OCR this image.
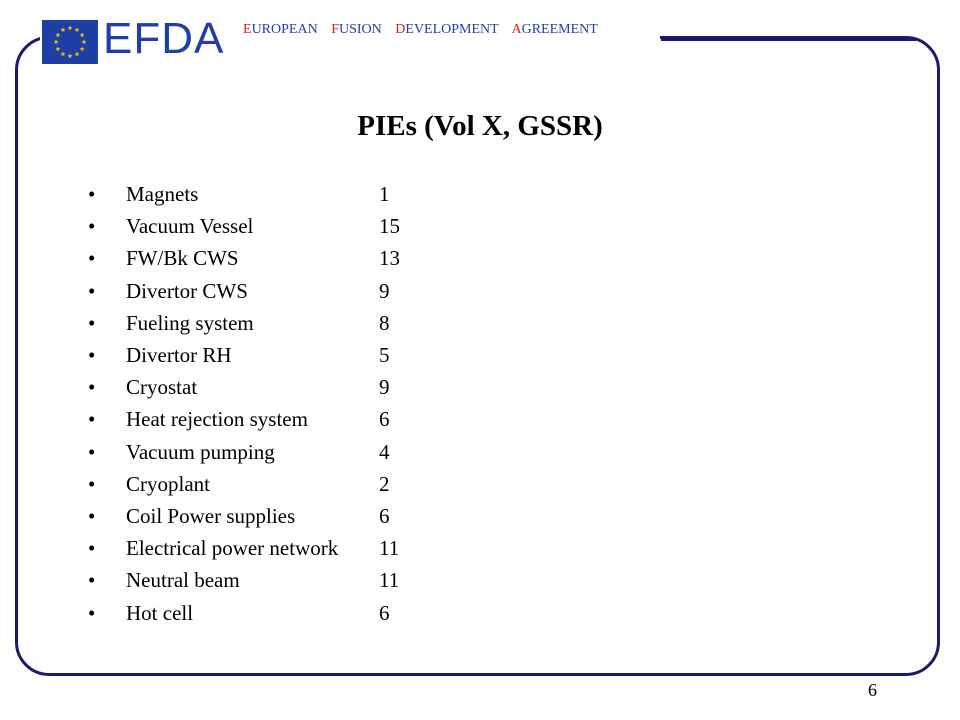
EFDA EUROPEAN FUSION DEVELOPMENT AGREEMENT
PIEs (Vol X, GSSR)
•	Magnets	1
•	Vacuum Vessel	15
•	FW/Bk CWS	13
•	Divertor CWS	9
•	Fueling system	8
•	Divertor RH	5
•	Cryostat	9
•	Heat rejection system	6
•	Vacuum pumping	4
•	Cryoplant	2
•	Coil Power supplies	6
•	Electrical power network	11
•	Neutral beam	11
•	Hot cell	6
6
